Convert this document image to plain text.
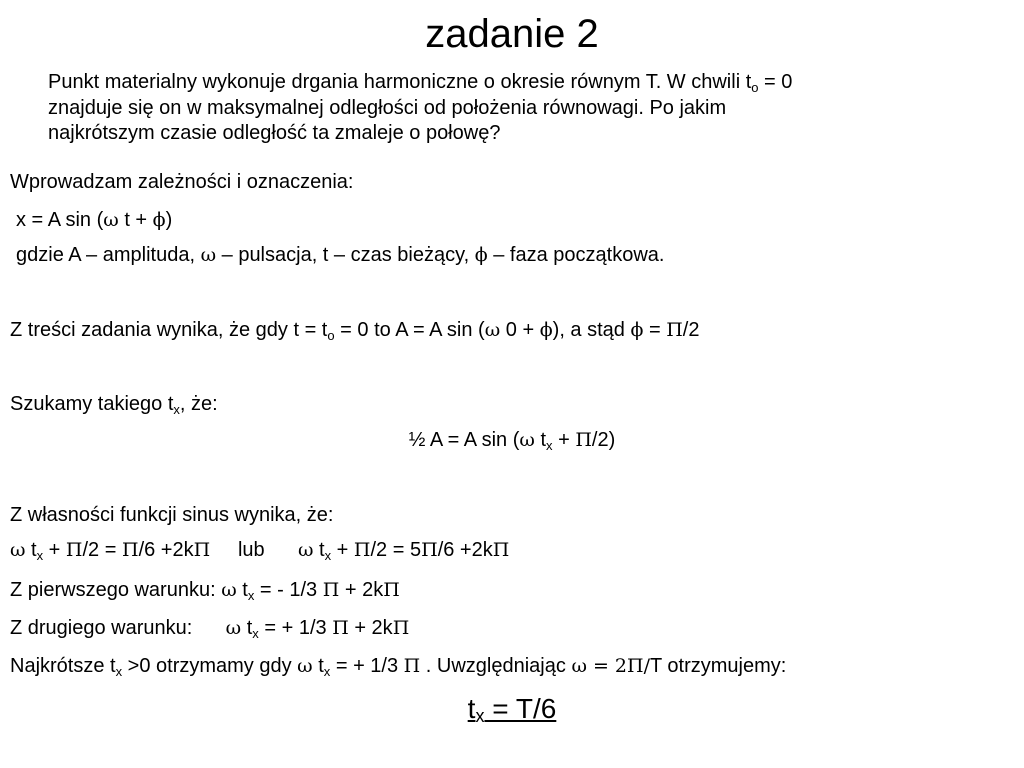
zadanie 2
Punkt materialny wykonuje drgania harmoniczne o okresie równym T. W chwili $t_o = 0$
znajduje się on w maksymalnej odległości od położenia równowagi. Po jakim
najkrótszym czasie odległość ta zmaleje o połowę?
Wprowadzam zależności i oznaczenia:
x = A sin (ω t + ϕ)
gdzie A – amplituda, ω – pulsacja, t – czas bieżący, ϕ – faza początkowa.
Z treści zadania wynika, że gdy $t = t_o = 0$ to A = A sin (ω 0 + ϕ), a stąd ϕ = Π/2
Szukamy takiego $t_x$, że:
½ A = A sin (ω $t_x + \Pi/2$)
Z własności funkcji sinus wynika, że:
ω $t_x + \Pi/2 = \Pi/6 +2k\Pi$     lub      ω $t_x + \Pi/2 = 5\Pi/6 +2k\Pi$
Z pierwszego warunku: ω $t_x$ = - 1/3 Π + 2kΠ
Z drugiego warunku:      ω $t_x$ = + 1/3 Π + 2kΠ
Najkrótsze $t_x >0$ otrzymamy gdy ω $t_x$ = + 1/3 Π . Uwzględniając ω = 2Π/T otrzymujemy:
$t_x = T/6$
